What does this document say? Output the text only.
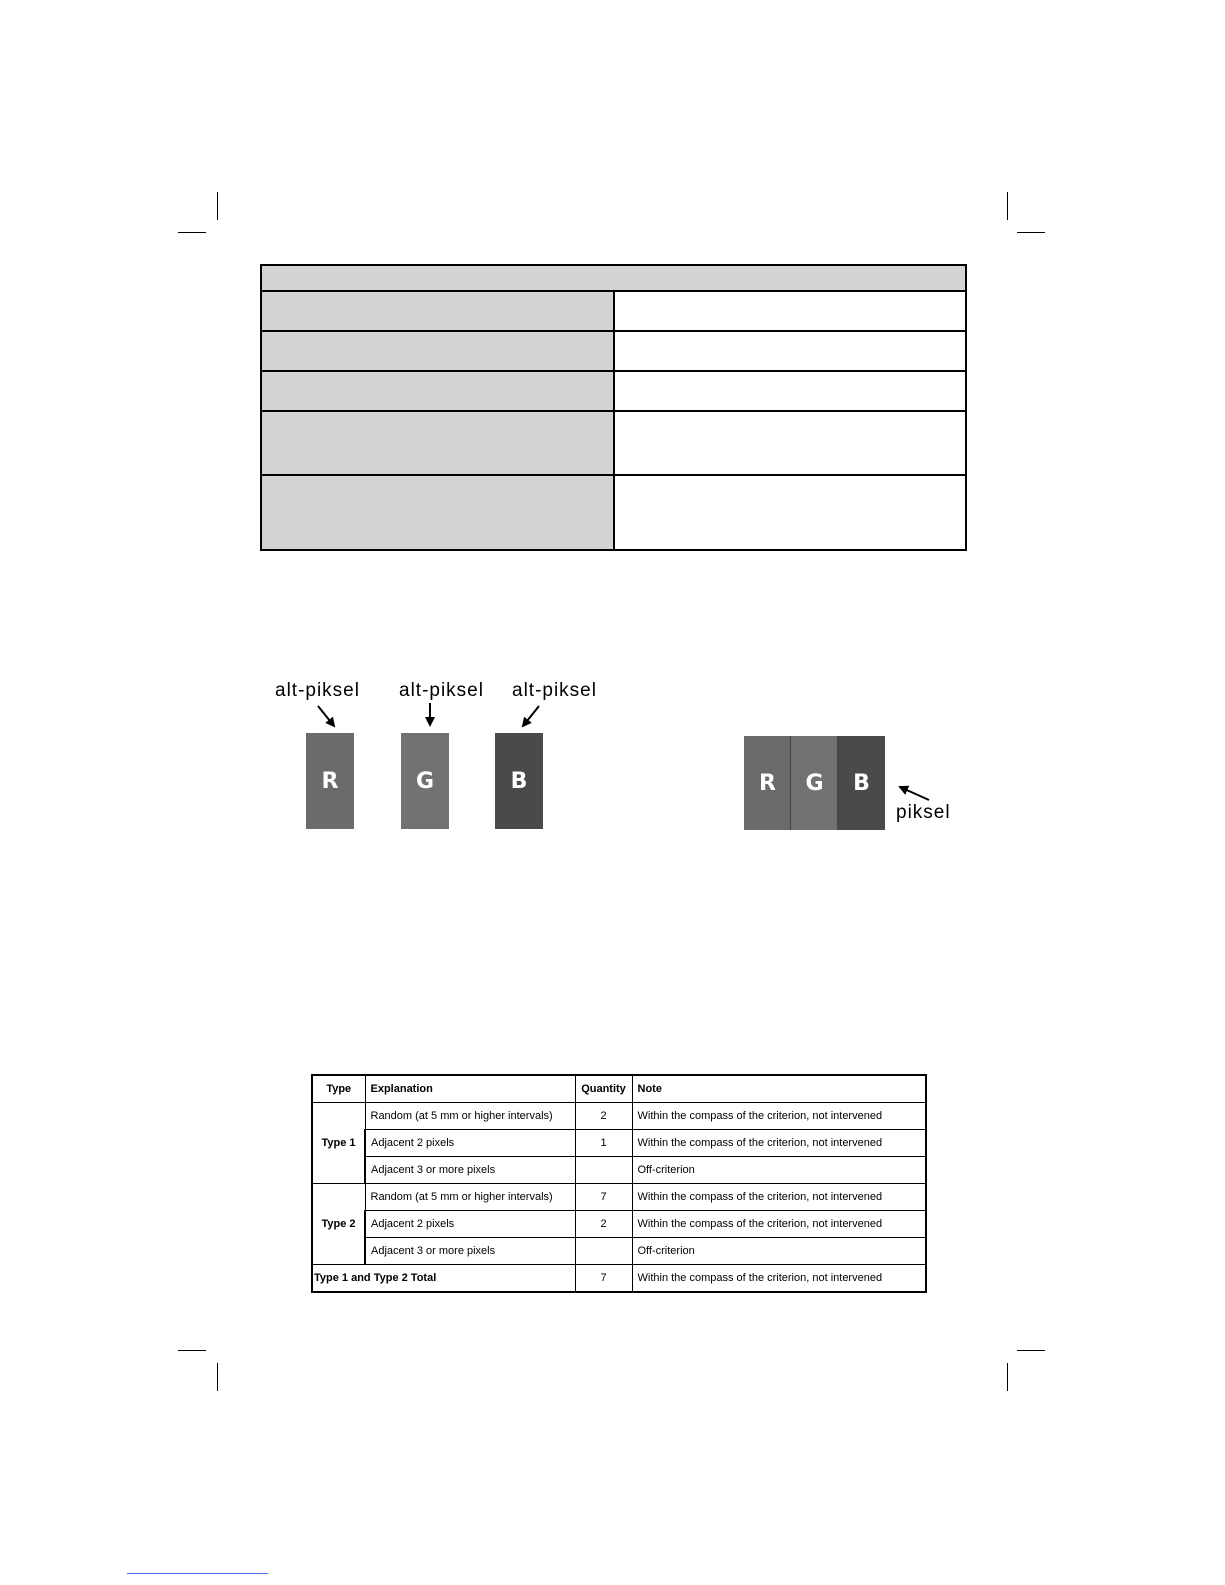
alt-piksel alt-piksel alt-piksel
R	G	B	R G B
piksel
Type	Explanation	Quantity	Note
Type 1	Random (at 5 mm or higher intervals)	2	Within the compass of the criterion, not intervened
	Adjacent 2 pixels	1	Within the compass of the criterion, not intervened
	Adjacent 3 or more pixels		Off-criterion
Type 2	Random (at 5 mm or higher intervals)	7	Within the compass of the criterion, not intervened
	Adjacent 2 pixels	2	Within the compass of the criterion, not intervened
	Adjacent 3 or more pixels		Off-criterion
Type 1 and Type 2 Total		7	Within the compass of the criterion, not intervened
